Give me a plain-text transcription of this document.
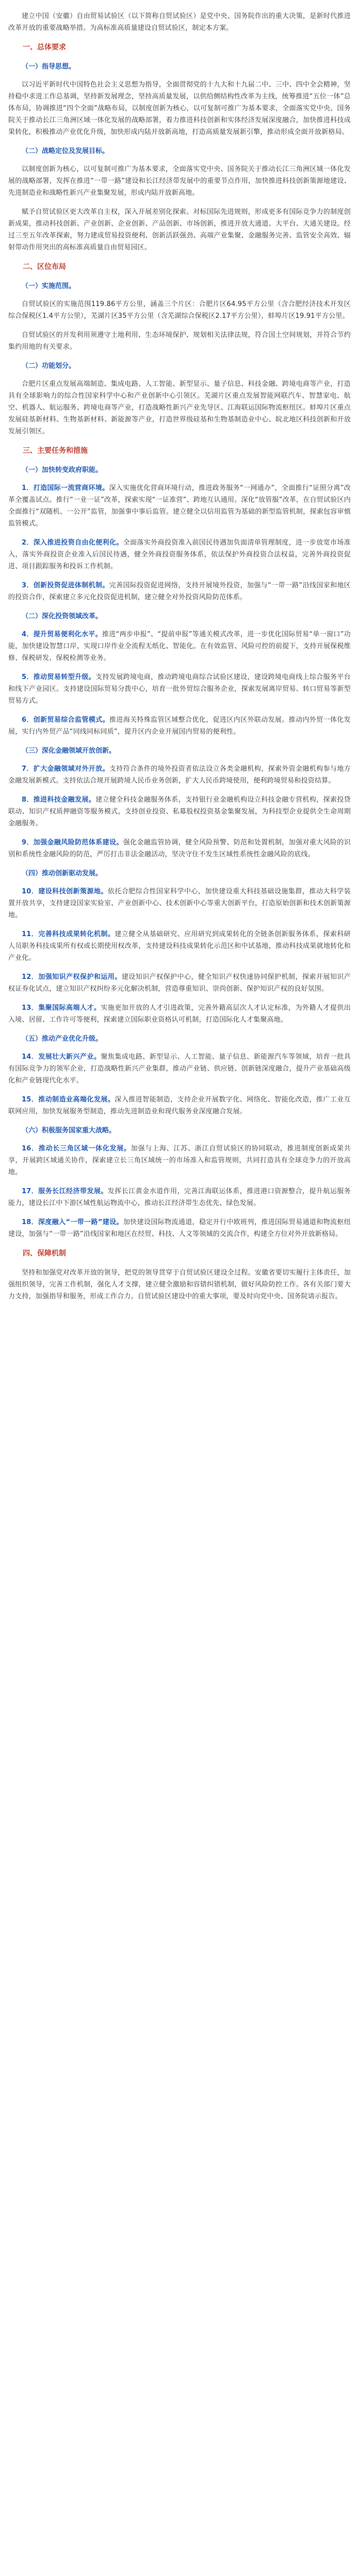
建立中国（安徽）自由贸易试验区（以下简称自贸试验区）是党中央、国务院作出的重大决策，是新时代推进改革开放的重要战略举措。为高标准高质量建设自贸试验区，制定本方案。

一、总体要求
（一）指导思想。

以习近平新时代中国特色社会主义思想为指导，全面贯彻党的十九大和十九届二中、三中、四中全会精神，坚持稳中求进工作总基调，坚持新发展理念，坚持高质量发展，以供给侧结构性改革为主线，统筹推进“五位一体”总体布局，协调推进“四个全面”战略布局，以制度创新为核心，以可复制可推广为基本要求，全面落实党中央、国务院关于推动长江三角洲区域一体化发展的战略部署，着力推进科技创新和实体经济发展深度融合，加快推进科技成果转化，积极推动产业优化升级，加快形成内陆开放新高地，打造高质量发展新引擎，推动形成全面开放新格局。

（二）战略定位及发展目标。

以制度创新为核心，以可复制可推广为基本要求，全面落实党中央、国务院关于推动长江三角洲区域一体化发展的战略部署，发挥在推进“一带一路”建设和长江经济带发展中的重要节点作用，加快推进科技创新策源地建设、先进制造业和战略性新兴产业集聚发展，形成内陆开放新高地。

赋予自贸试验区更大改革自主权，深入开展差别化探索。对标国际先进规则，形成更多有国际竞争力的制度创新成果，推动科技创新、产业创新、企业创新、产品创新、市场创新，推进开放大通道、大平台、大通关建设。经过三至五年改革探索，努力建成贸易投资便利、创新活跃强劲、高端产业集聚、金融服务完善、监管安全高效、辐射带动作用突出的高标准高质量自由贸易园区。

二、区位布局
（一）实施范围。

自贸试验区的实施范围119.86平方公里，涵盖三个片区：合肥片区64.95平方公里（含合肥经济技术开发区综合保税区1.4平方公里），芜湖片区35平方公里（含芜湖综合保税区2.17平方公里），蚌埠片区19.91平方公里。

自贸试验区的开发利用须遵守土地利用、生态环境保护、规划相关法律法规，符合国土空间规划，并符合节约集约用地的有关要求。

（二）功能划分。

合肥片区重点发展高端制造、集成电路、人工智能、新型显示、量子信息、科技金融、跨境电商等产业，打造具有全球影响力的综合性国家科学中心和产业创新中心引领区。芜湖片区重点发展智能网联汽车、智慧家电、航空、机器人、航运服务、跨境电商等产业，打造战略性新兴产业先导区、江海联运国际物流枢纽区。蚌埠片区重点发展硅基新材料、生物基新材料、新能源等产业，打造世界级硅基和生物基制造业中心、皖北地区科技创新和开放发展引领区。

三、主要任务和措施
（一）加快转变政府职能。

1．打造国际一流营商环境。深入实施优化营商环境行动，推进政务服务“一网通办”，全面推行“证照分离”改革全覆盖试点。推行“一业一证”改革，探索实现“一证准营”、跨地互认通用。深化“放管服”改革，在自贸试验区内全面推行“双随机、一公开”监管，加强事中事后监管。建立健全以信用监管为基础的新型监管机制，探索包容审慎监管模式。

2．深入推进投资自由化便利化。全面落实外商投资准入前国民待遇加负面清单管理制度，进一步放宽市场准入，落实外商投资企业准入后国民待遇，健全外商投资服务体系，依法保护外商投资合法权益，完善外商投资促进、项目跟踪服务和投诉工作机制。

3．创新投资促进体制机制。完善国际投资促进网络，支持开展境外投资，加强与“一带一路”沿线国家和地区的投资合作，探索建立多元化投资促进机制，建立健全对外投资风险防范体系。

（二）深化投资领域改革。

4．提升贸易便利化水平。推进“两步申报”、“提前申报”等通关模式改革，进一步优化国际贸易“单一窗口”功能，加快建设智慧口岸，实现口岸作业全流程无纸化、智能化。在有效监管、风险可控的前提下，支持开展保税维修、保税研发、保税检测等业务。

5．推动贸易转型升级。支持发展跨境电商，推动跨境电商综合试验区建设，建设跨境电商线上综合服务平台和线下产业园区。支持建设国际贸易分拨中心，培育一批外贸综合服务企业，探索发展离岸贸易、转口贸易等新型贸易方式。

6．创新贸易综合监管模式。推进海关特殊监管区域整合优化，促进区内区外联动发展。推动内外贸一体化发展，实行内外贸产品“同线同标同质”，提升区内企业开展国内贸易的便利性。

（三）深化金融领域开放创新。

7．扩大金融领域对外开放。支持符合条件的境外投资者依法设立各类金融机构，探索外资金融机构参与地方金融发展新模式。支持依法合规开展跨境人民币业务创新，扩大人民币跨境使用，便利跨境贸易和投资结算。

8．推进科技金融发展。建立健全科技金融服务体系，支持银行业金融机构设立科技金融专营机构，探索投贷联动、知识产权质押融资等服务模式，支持创业投资、私募股权投资基金集聚发展，为科技型企业提供全生命周期金融服务。

9．加强金融风险防范体系建设。强化金融监管协调，健全风险预警、防范和处置机制，加强对重大风险的识别和系统性金融风险的防范，严厉打击非法金融活动，坚决守住不发生区域性系统性金融风险的底线。

（四）推动创新驱动发展。

10．建设科技创新策源地。依托合肥综合性国家科学中心，加快建设重大科技基础设施集群，推动大科学装置开放共享，支持建设国家实验室、产业创新中心、技术创新中心等重大创新平台，打造原始创新和技术创新策源地。

11．完善科技成果转化机制。建立健全从基础研究、应用研究到成果转化的全链条创新服务体系，探索科研人员职务科技成果所有权或长期使用权改革，支持建设科技成果转化示范区和中试基地，推动科技成果就地转化和产业化。

12．加强知识产权保护和运用。建设知识产权保护中心，健全知识产权快速协同保护机制，探索开展知识产权证券化试点，建立知识产权纠纷多元化解决机制，营造尊重知识、崇尚创新、保护知识产权的良好氛围。

13．集聚国际高端人才。实施更加开放的人才引进政策，完善外籍高层次人才认定标准，为外籍人才提供出入境、居留、工作许可等便利，探索建立国际职业资格认可机制，打造国际化人才集聚高地。

（五）推动产业优化升级。

14．发展壮大新兴产业。聚焦集成电路、新型显示、人工智能、量子信息、新能源汽车等领域，培育一批具有国际竞争力的领军企业，打造战略性新兴产业集群，推动产业链、供应链、创新链深度融合，提升产业基础高级化和产业链现代化水平。

15．推动制造业高端化发展。深入推进智能制造，支持企业开展数字化、网络化、智能化改造，推广工业互联网应用，加快发展服务型制造，推动先进制造业和现代服务业深度融合发展。

（六）积极服务国家重大战略。

16．推动长三角区域一体化发展。加强与上海、江苏、浙江自贸试验区的协同联动，推进制度创新成果共享，开展跨区域通关协作，探索建立长三角区域统一的市场准入和监管规则，共同打造具有全球竞争力的开放高地。

17．服务长江经济带发展。发挥长江黄金水道作用，完善江海联运体系，推进港口资源整合，提升航运服务能力，建设长江中下游区域性航运物流中心，推动长江经济带生态优先、绿色发展。

18．深度融入“一带一路”建设。加快建设国际物流通道，稳定开行中欧班列，推进国际贸易通道和物流枢纽建设，加强与“一带一路”沿线国家和地区在经贸、科技、人文等领域的交流合作，构建全方位对外开放新格局。

四、保障机制

坚持和加强党对改革开放的领导，把党的领导贯穿于自贸试验区建设全过程。安徽省要切实履行主体责任，加强组织领导，完善工作机制，强化人才支撑，建立健全激励和容错纠错机制，做好风险防控工作。各有关部门要大力支持，加强指导和服务，形成工作合力。自贸试验区建设中的重大事项，要及时向党中央、国务院请示报告。
